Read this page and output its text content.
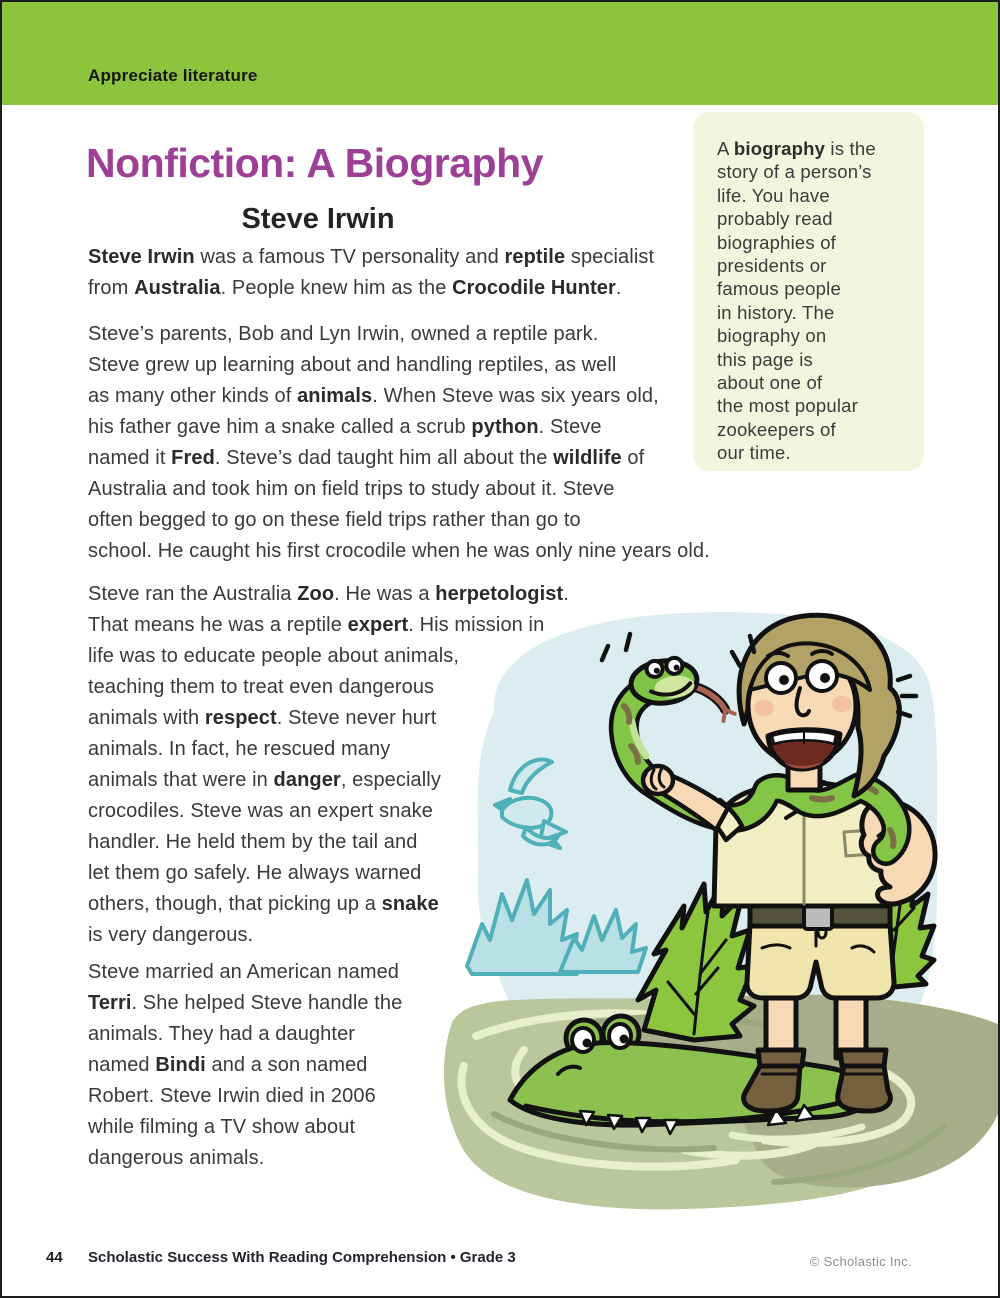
Appreciate literature
Nonfiction: A Biography
Steve Irwin
Steve Irwin was a famous TV personality and reptile specialist
from Australia. People knew him as the Crocodile Hunter.
Steve’s parents, Bob and Lyn Irwin, owned a reptile park.
Steve grew up learning about and handling reptiles, as well
as many other kinds of animals. When Steve was six years old,
his father gave him a snake called a scrub python. Steve
named it Fred. Steve’s dad taught him all about the wildlife of
Australia and took him on field trips to study about it. Steve
often begged to go on these field trips rather than go to
school. He caught his first crocodile when he was only nine years old.
Steve ran the Australia Zoo. He was a herpetologist.
That means he was a reptile expert. His mission in
life was to educate people about animals,
teaching them to treat even dangerous
animals with respect. Steve never hurt
animals. In fact, he rescued many
animals that were in danger, especially
crocodiles. Steve was an expert snake
handler. He held them by the tail and
let them go safely. He always warned
others, though, that picking up a snake
is very dangerous.
Steve married an American named
Terri. She helped Steve handle the
animals. They had a daughter
named Bindi and a son named
Robert. Steve Irwin died in 2006
while filming a TV show about
dangerous animals.
A biography is the
story of a person’s
life. You have
probably read
biographies of
presidents or
famous people
in history. The
biography on
this page is
about one of
the most popular
zookeepers of
our time.
44 Scholastic Success With Reading Comprehension • Grade 3	© Scholastic Inc.
